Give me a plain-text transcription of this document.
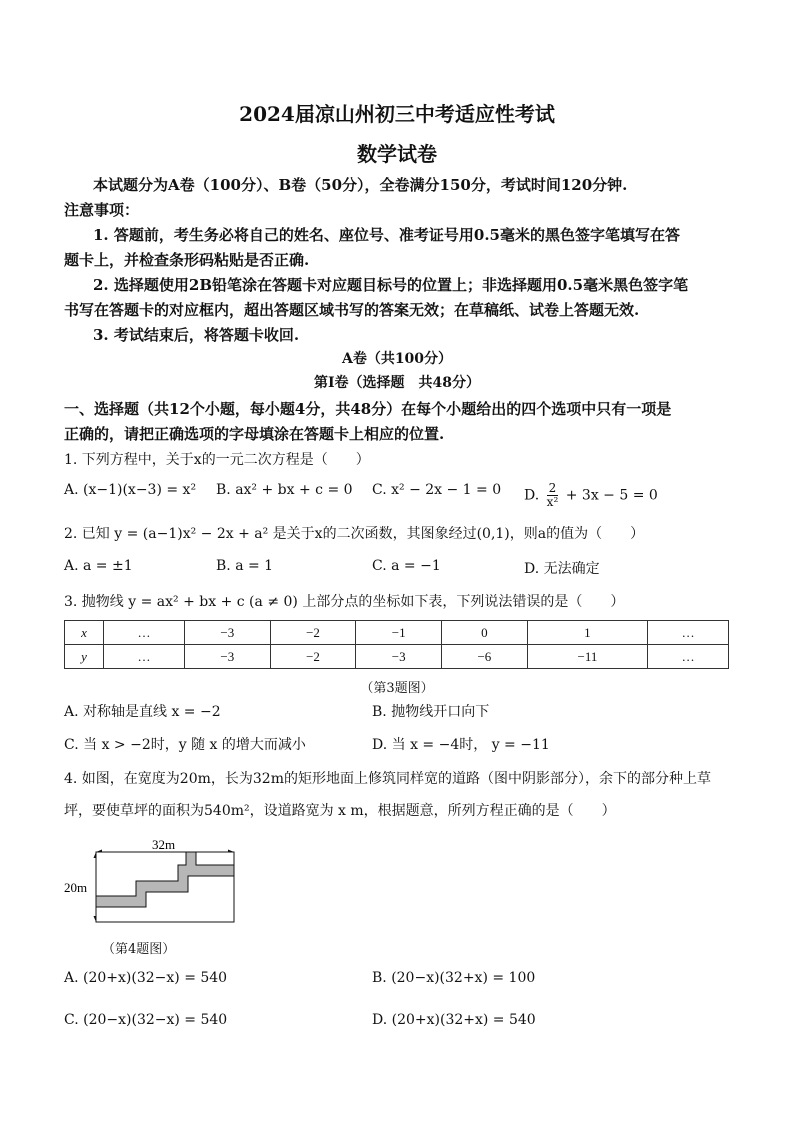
2024届凉山州初三中考适应性考试
数学试卷
本试题分为A卷（100分）、B卷（50分），全卷满分150分，考试时间120分钟.
注意事项：
1. 答题前，考生务必将自己的姓名、座位号、准考证号用0.5毫米的黑色签字笔填写在答
题卡上，并检查条形码粘贴是否正确.
2. 选择题使用2B铅笔涂在答题卡对应题目标号的位置上；非选择题用0.5毫米黑色签字笔
书写在答题卡的对应框内，超出答题区域书写的答案无效；在草稿纸、试卷上答题无效.
3. 考试结束后，将答题卡收回.
A卷（共100分）
第Ⅰ卷（选择题　共48分）
一、选择题（共12个小题，每小题4分，共48分）在每个小题给出的四个选项中只有一项是
正确的，请把正确选项的字母填涂在答题卡上相应的位置.
1. 下列方程中，关于x的一元二次方程是（　　）
A. (x−1)(x−3) = x² B. ax² + bx + c = 0 C. x² − 2x − 1 = 0 D. $\frac{2}{\text{x²}} + 3x - 5 = 0$
2. 已知 y = (a−1)x² − 2x + a² 是关于x的二次函数，其图象经过(0,1)，则a的值为（　　）
A. a = ±1	B. a = 1	C. a = −1	D. 无法确定
3. 抛物线 y = ax² + bx + c (a ≠ 0) 上部分点的坐标如下表，下列说法错误的是（　　）
x	…	−3	−2	−1	0	1	…
y	…	−3	−2	−3	−6	−11	…
（第3题图）
A. 对称轴是直线 x = −2	B. 抛物线开口向下
C. 当 x > −2时，y 随 x 的增大而减小	D. 当 x = −4时， y = −11
4. 如图，在宽度为20m，长为32m的矩形地面上修筑同样宽的道路（图中阴影部分），余下的部分种上草
坪，要使草坪的面积为540m²，设道路宽为 x m，根据题意，所列方程正确的是（　　）
32m
20m
（第4题图）
A. (20+x)(32−x) = 540	B. (20−x)(32+x) = 100
C. (20−x)(32−x) = 540	D. (20+x)(32+x) = 540
